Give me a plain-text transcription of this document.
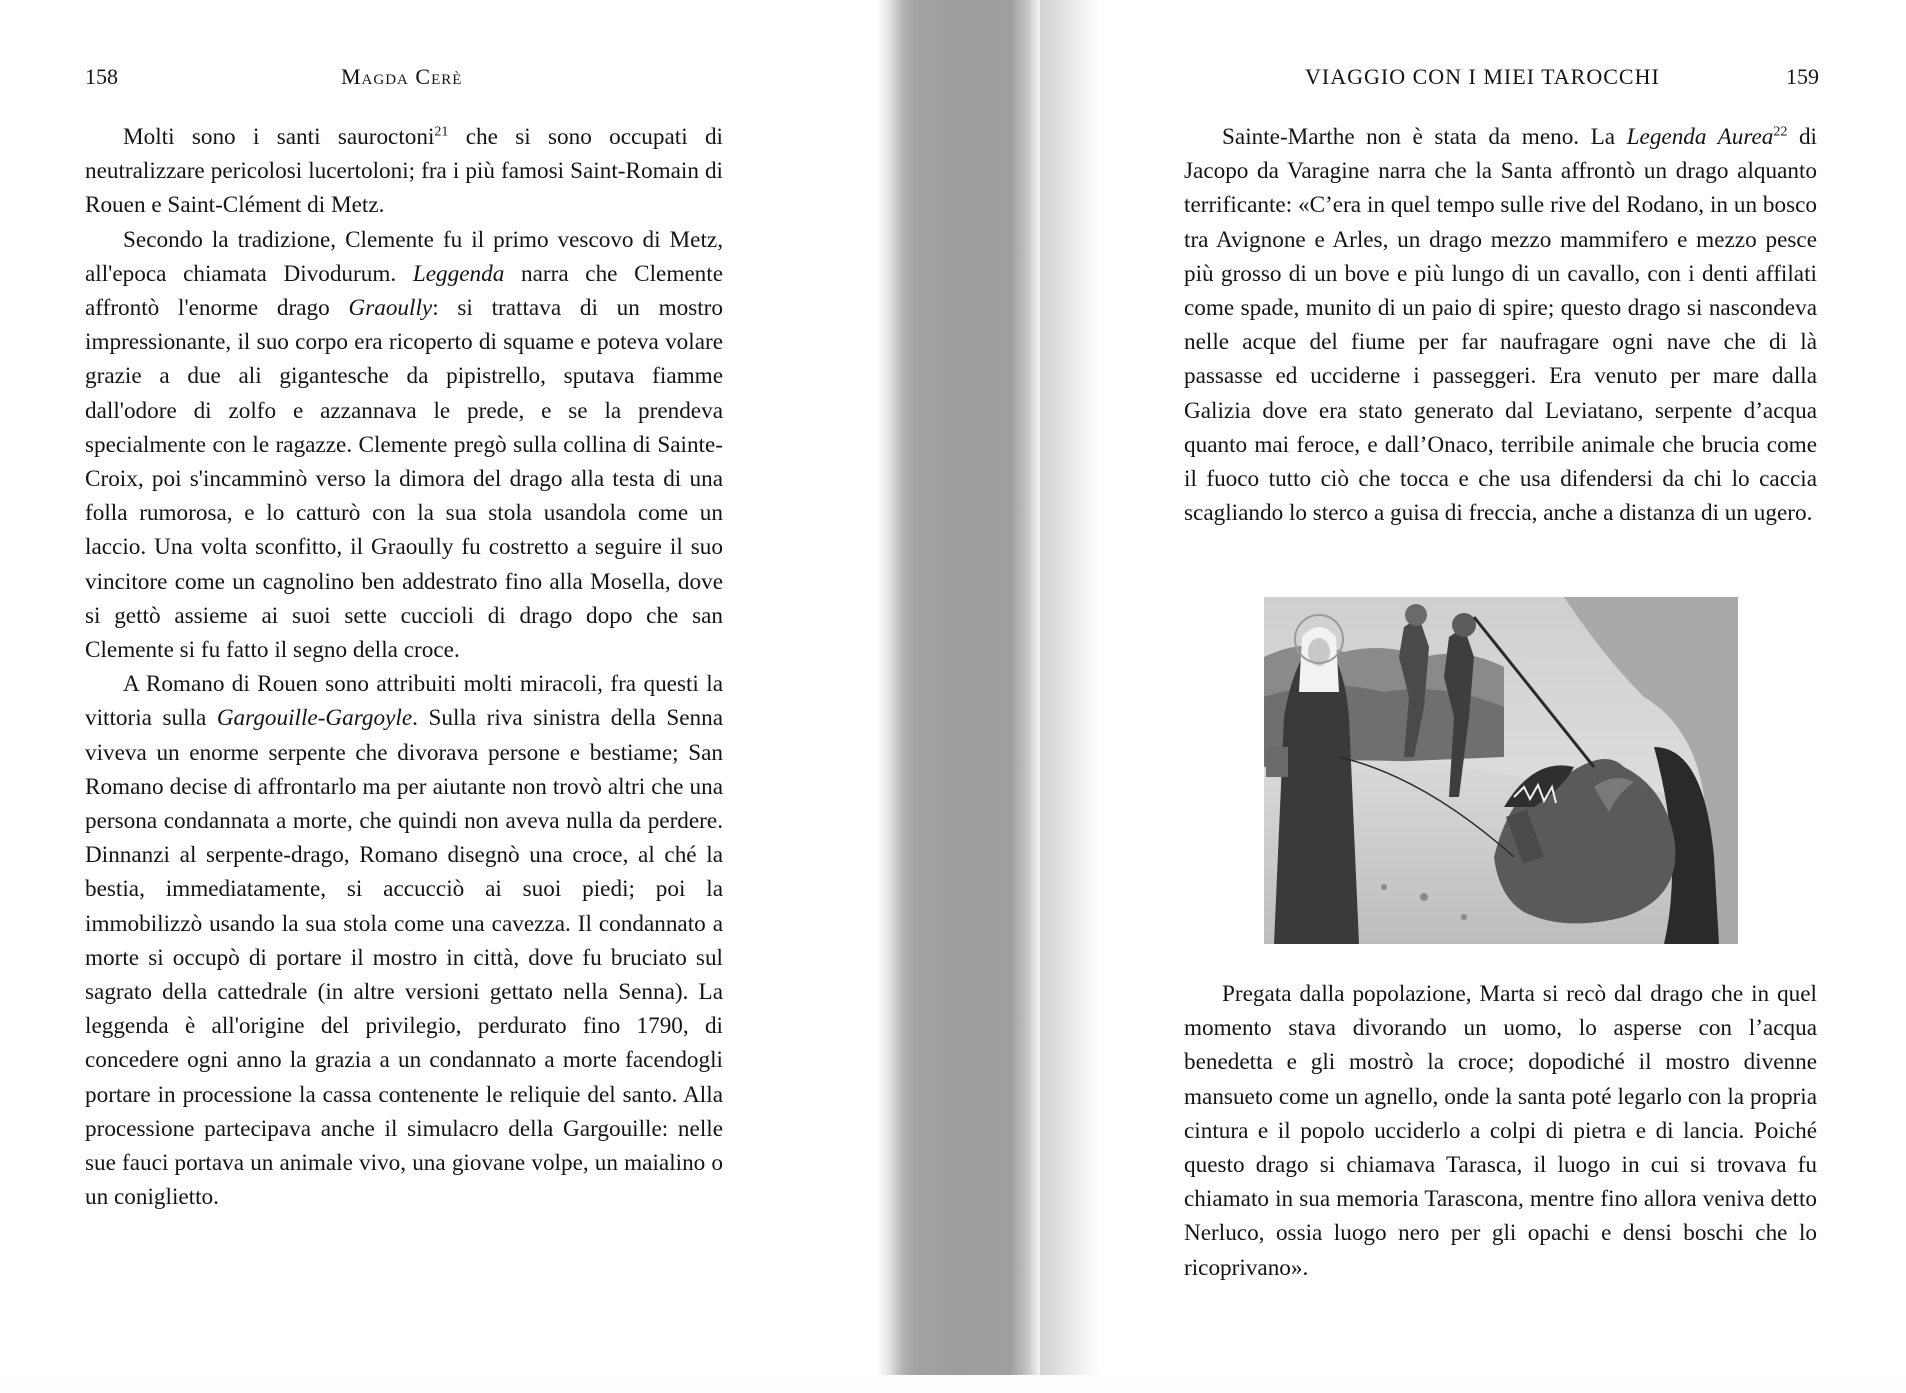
158	Magda Cerè

Molti sono i santi sauroctoni$^{21}$ che si sono occupati di neutralizzare pericolosi lucertoloni; fra i più famosi Saint-Romain di Rouen e Saint-Clément di Metz.

Secondo la tradizione, Clemente fu il primo vescovo di Metz, all'epoca chiamata Divodurum. Leggenda narra che Clemente affrontò l'enorme drago Graoully: si trattava di un mostro impressionante, il suo corpo era ricoperto di squame e poteva volare grazie a due ali gigantesche da pipistrello, sputava fiamme dall'odore di zolfo e azzannava le prede, e se la prendeva specialmente con le ragazze. Clemente pregò sulla collina di Sainte-Croix, poi s'incamminò verso la dimora del drago alla testa di una folla rumorosa, e lo catturò con la sua stola usandola come un laccio. Una volta sconfitto, il Graoully fu costretto a seguire il suo vincitore come un cagnolino ben addestrato fino alla Mosella, dove si gettò assieme ai suoi sette cuccioli di drago dopo che san Clemente si fu fatto il segno della croce.

A Romano di Rouen sono attribuiti molti miracoli, fra questi la vittoria sulla Gargouille-Gargoyle. Sulla riva sinistra della Senna viveva un enorme serpente che divorava persone e bestiame; San Romano decise di affrontarlo ma per aiutante non trovò altri che una persona condannata a morte, che quindi non aveva nulla da perdere. Dinnanzi al serpente-drago, Romano disegnò una croce, al ché la bestia, immediatamente, si accucciò ai suoi piedi; poi la immobilizzò usando la sua stola come una cavezza. Il condannato a morte si occupò di portare il mostro in città, dove fu bruciato sul sagrato della cattedrale (in altre versioni gettato nella Senna). La leggenda è all'origine del privilegio, perdurato fino 1790, di concedere ogni anno la grazia a un condannato a morte facendogli portare in processione la cassa contenente le reliquie del santo. Alla processione partecipava anche il simulacro della Gargouille: nelle sue fauci portava un animale vivo, una giovane volpe, un maialino o un coniglietto.

VIAGGIO CON I MIEI TAROCCHI	159

Sainte-Marthe non è stata da meno. La Legenda Aurea$^{22}$ di Jacopo da Varagine narra che la Santa affrontò un drago alquanto terrificante: «C’era in quel tempo sulle rive del Rodano, in un bosco tra Avignone e Arles, un drago mezzo mammifero e mezzo pesce più grosso di un bove e più lungo di un cavallo, con i denti affilati come spade, munito di un paio di spire; questo drago si nascondeva nelle acque del fiume per far naufragare ogni nave che di là passasse ed ucciderne i passeggeri. Era venuto per mare dalla Galizia dove era stato generato dal Leviatano, serpente d’acqua quanto mai feroce, e dall’Onaco, terribile animale che brucia come il fuoco tutto ciò che tocca e che usa difendersi da chi lo caccia scagliando lo sterco a guisa di freccia, anche a distanza di un ugero.

Pregata dalla popolazione, Marta si recò dal drago che in quel momento stava divorando un uomo, lo asperse con l’acqua benedetta e gli mostrò la croce; dopodiché il mostro divenne mansueto come un agnello, onde la santa poté legarlo con la propria cintura e il popolo ucciderlo a colpi di pietra e di lancia. Poiché questo drago si chiamava Tarasca, il luogo in cui si trovava fu chiamato in sua memoria Tarascona, mentre fino allora veniva detto Nerluco, ossia luogo nero per gli opachi e densi boschi che lo ricoprivano».
